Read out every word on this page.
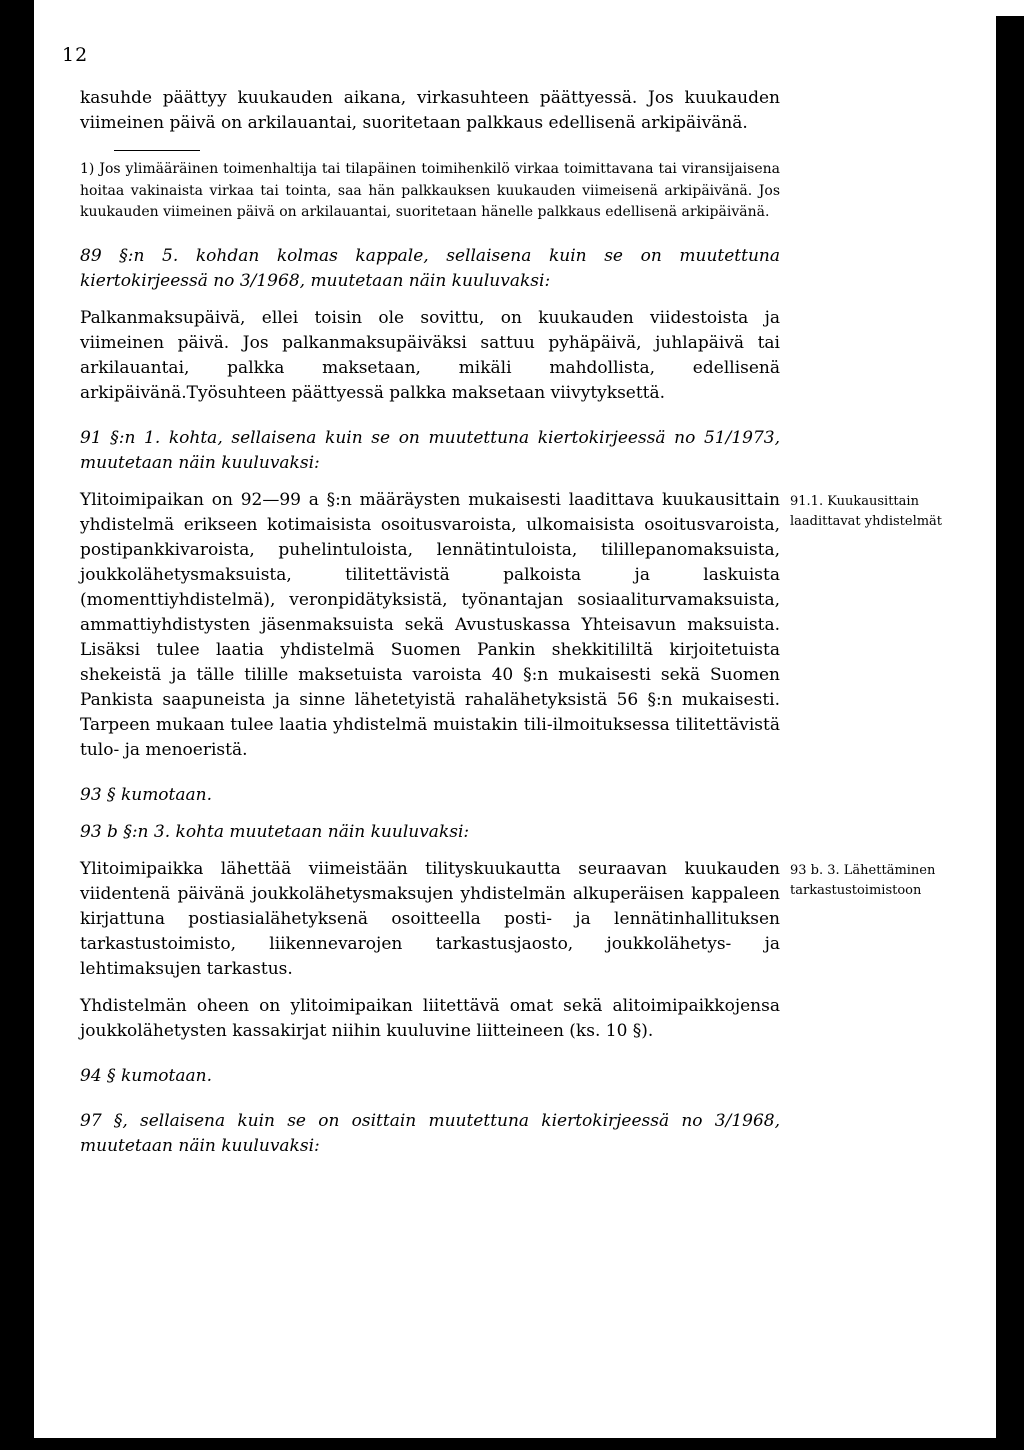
12

kasuhde päättyy kuukauden aikana, virkasuhteen päättyessä. Jos kuukauden viimeinen päivä on arkilauantai, suoritetaan palkkaus edellisenä arkipäivänä.

1) Jos ylimääräinen toimenhaltija tai tilapäinen toimihenkilö virkaa toimittavana tai viransijaisena hoitaa vakinaista virkaa tai tointa, saa hän palkkauksen kuukauden viimeisenä arkipäivänä. Jos kuukauden viimeinen päivä on arkilauantai, suoritetaan hänelle palkkaus edellisenä arkipäivänä.

89 §:n 5. kohdan kolmas kappale, sellaisena kuin se on muutettuna kiertokirjeessä no 3/1968, muutetaan näin kuuluvaksi:

Palkanmaksupäivä, ellei toisin ole sovittu, on kuukauden viidestoista ja viimeinen päivä. Jos palkanmaksupäiväksi sattuu pyhäpäivä, juhlapäivä tai arkilauantai, palkka maksetaan, mikäli mahdollista, edellisenä arkipäivänä.Työsuhteen päättyessä palkka maksetaan viivytyksettä.

91 §:n 1. kohta, sellaisena kuin se on muutettuna kiertokirjeessä no 51/1973, muutetaan näin kuuluvaksi:

Ylitoimipaikan on 92—99 a §:n määräysten mukaisesti laadittava kuukausittain yhdistelmä erikseen kotimaisista osoitusvaroista, ulkomaisista osoitusvaroista, postipankkivaroista, puhelintuloista, lennätintuloista, tilillepanomaksuista, joukkolähetysmaksuista, tilitettävistä palkoista ja laskuista (momenttiyhdistelmä), veronpidätyksistä, työnantajan sosiaaliturvamaksuista, ammattiyhdistysten jäsenmaksuista sekä Avustuskassa Yhteisavun maksuista. Lisäksi tulee laatia yhdistelmä Suomen Pankin shekkitililtä kirjoitetuista shekeistä ja tälle tilille maksetuista varoista 40 §:n mukaisesti sekä Suomen Pankista saapuneista ja sinne lähetetyistä rahalähetyksistä 56 §:n mukaisesti. Tarpeen mukaan tulee laatia yhdistelmä muistakin tili-ilmoituksessa tilitettävistä tulo- ja menoeristä.

93 § kumotaan.

93 b §:n 3. kohta muutetaan näin kuuluvaksi:

Ylitoimipaikka lähettää viimeistään tilityskuukautta seuraavan kuukauden viidentenä päivänä joukkolähetysmaksujen yhdistelmän alkuperäisen kappaleen kirjattuna postiasialähetyksenä osoitteella posti- ja lennätinhallituksen tarkastustoimisto, liikennevarojen tarkastusjaosto, joukkolähetys- ja lehtimaksujen tarkastus.

Yhdistelmän oheen on ylitoimipaikan liitettävä omat sekä alitoimipaikkojensa joukkolähetysten kassakirjat niihin kuuluvine liitteineen (ks. 10 §).

94 § kumotaan.

97 §, sellaisena kuin se on osittain muutettuna kiertokirjeessä no 3/1968, muutetaan näin kuuluvaksi:

91.1. Kuukausittain laadittavat yhdistelmät
93 b. 3. Lähettäminen tarkastustoimistoon
